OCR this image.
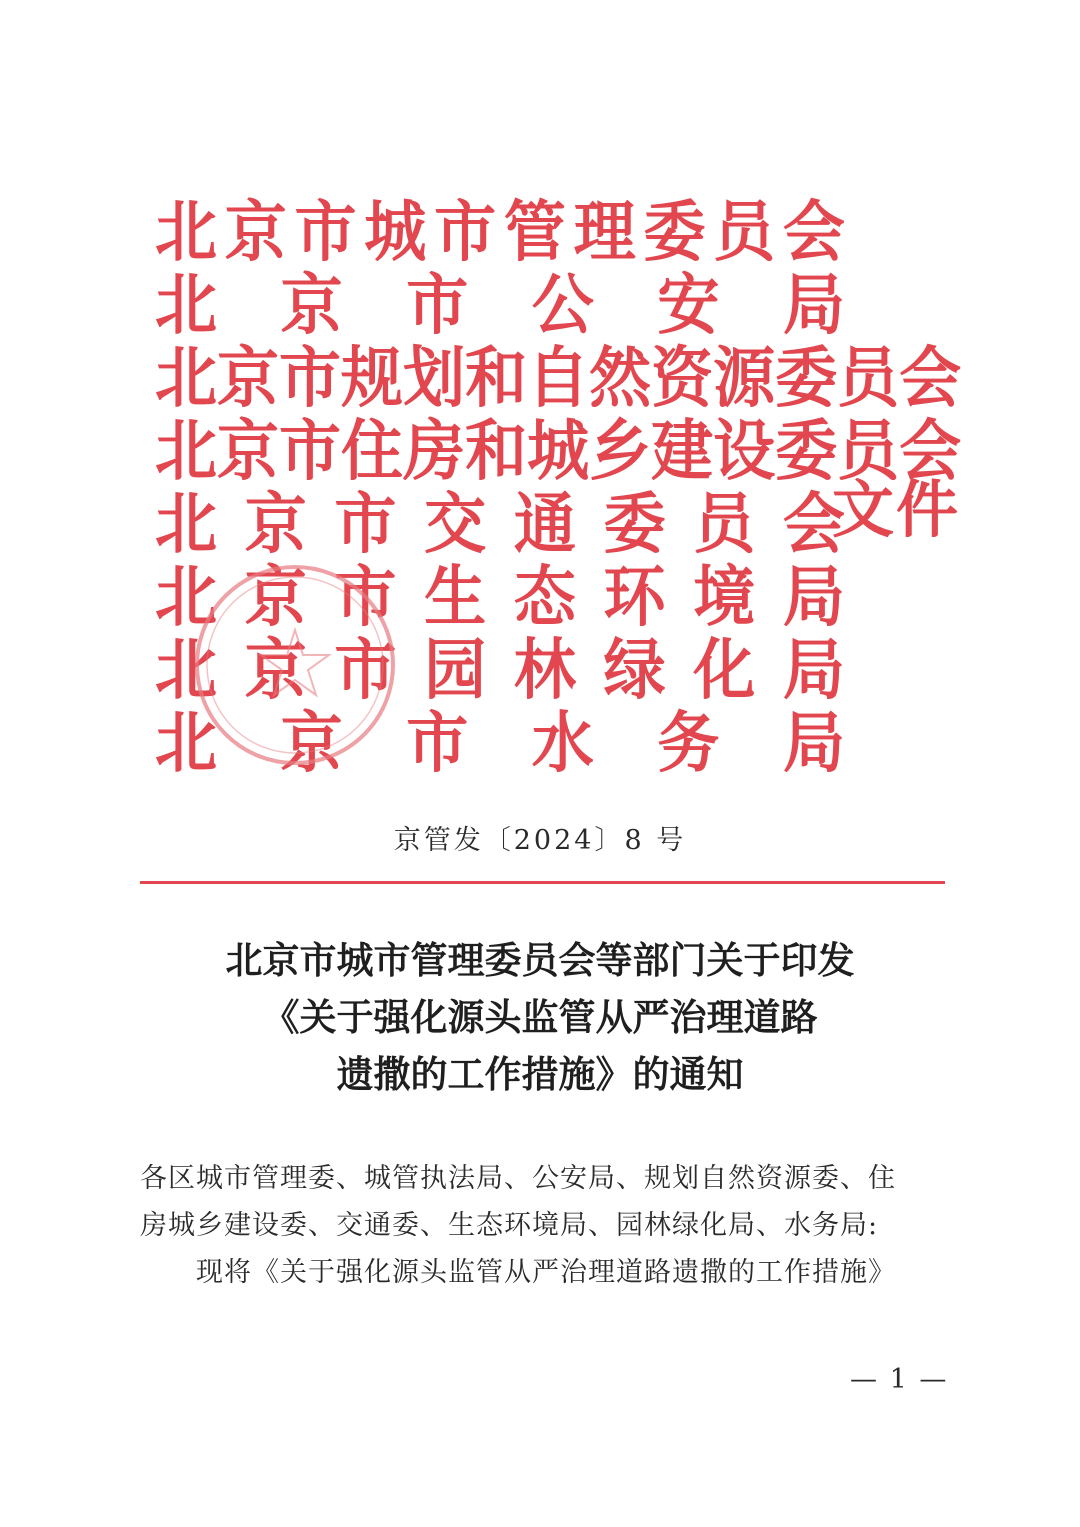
北 京 市 城 市 管 理 委 员 会
北 京 市 公 安 局
北 京 市 规 划 和 自 然 资 源 委 员 会
北 京 市 住 房 和 城 乡 建 设 委 员 会
北 京 市 交 通 委 员 会
北 京 市 生 态 环 境 局
北 京 市 园 林 绿 化 局
北 京 市 水 务 局
文件
京管发〔2024〕8 号
北京市城市管理委员会等部门关于印发
《关于强化源头监管从严治理道路
遗撒的工作措施》的通知

各区城市管理委、城管执法局、公安局、规划自然资源委、住

房城乡建设委、交通委、生态环境局、园林绿化局、水务局:

现将《关于强化源头监管从严治理道路遗撒的工作措施》

— 1 —
